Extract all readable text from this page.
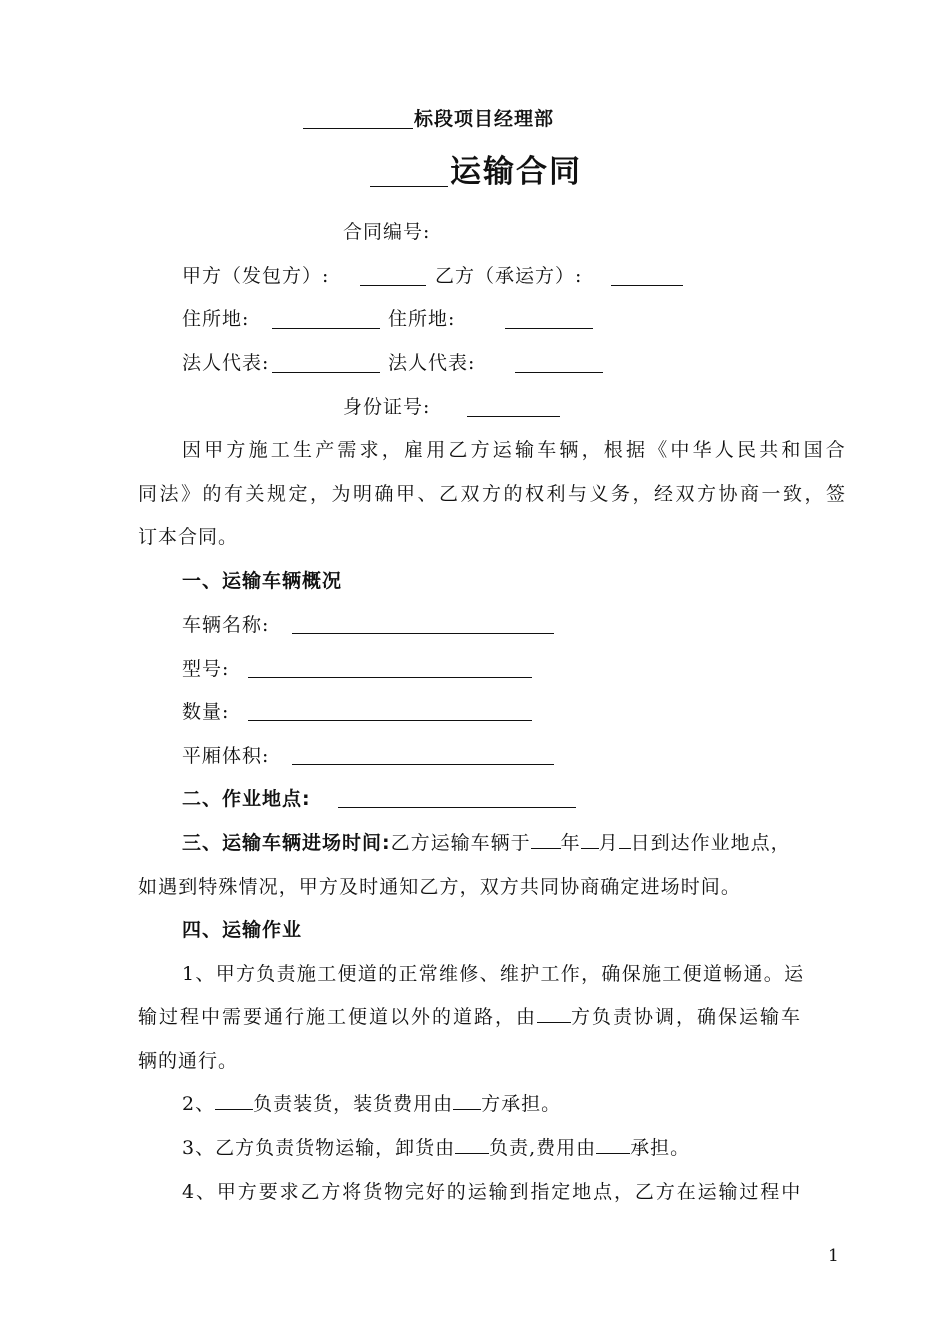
标段项目经理部
运输合同
合同编号:
甲方（发包方）:	乙方（承运方）:
住所地:	住所地:
法人代表:	法人代表:
身份证号:
因甲方施工生产需求，雇用乙方运输车辆，根据《中华人民共和国合
同法》的有关规定，为明确甲、乙双方的权利与义务，经双方协商一致，签
订本合同。
一、运输车辆概况
车辆名称:
型号:
数量:
平厢体积:
二、作业地点:
三、运输车辆进场时间:乙方运输车辆于 年 月 日到达作业地点，
如遇到特殊情况，甲方及时通知乙方，双方共同协商确定进场时间。
四、运输作业
1、甲方负责施工便道的正常维修、维护工作，确保施工便道畅通。运
输过程中需要通行施工便道以外的道路，由 方负责协调，确保运输车
辆的通行。
2、 负责装货，装货费用由 方承担。
3、乙方负责货物运输，卸货由 负责,费用由 承担。
4、甲方要求乙方将货物完好的运输到指定地点，乙方在运输过程中
1
